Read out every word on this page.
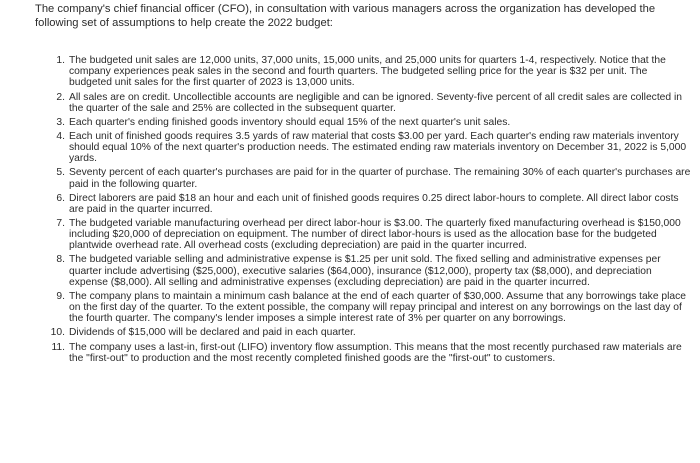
The company's chief financial officer (CFO), in consultation with various managers across the organization has developed the following set of assumptions to help create the 2022 budget:

1. The budgeted unit sales are 12,000 units, 37,000 units, 15,000 units, and 25,000 units for quarters 1-4, respectively. Notice that the company experiences peak sales in the second and fourth quarters. The budgeted selling price for the year is $32 per unit. The budgeted unit sales for the first quarter of 2023 is 13,000 units.
2. All sales are on credit. Uncollectible accounts are negligible and can be ignored. Seventy-five percent of all credit sales are collected in the quarter of the sale and 25% are collected in the subsequent quarter.
3. Each quarter's ending finished goods inventory should equal 15% of the next quarter's unit sales.
4. Each unit of finished goods requires 3.5 yards of raw material that costs $3.00 per yard. Each quarter's ending raw materials inventory should equal 10% of the next quarter's production needs. The estimated ending raw materials inventory on December 31, 2022 is 5,000 yards.
5. Seventy percent of each quarter's purchases are paid for in the quarter of purchase. The remaining 30% of each quarter's purchases are paid in the following quarter.
6. Direct laborers are paid $18 an hour and each unit of finished goods requires 0.25 direct labor-hours to complete. All direct labor costs are paid in the quarter incurred.
7. The budgeted variable manufacturing overhead per direct labor-hour is $3.00. The quarterly fixed manufacturing overhead is $150,000 including $20,000 of depreciation on equipment. The number of direct labor-hours is used as the allocation base for the budgeted plantwide overhead rate. All overhead costs (excluding depreciation) are paid in the quarter incurred.
8. The budgeted variable selling and administrative expense is $1.25 per unit sold. The fixed selling and administrative expenses per quarter include advertising ($25,000), executive salaries ($64,000), insurance ($12,000), property tax ($8,000), and depreciation expense ($8,000). All selling and administrative expenses (excluding depreciation) are paid in the quarter incurred.
9. The company plans to maintain a minimum cash balance at the end of each quarter of $30,000. Assume that any borrowings take place on the first day of the quarter. To the extent possible, the company will repay principal and interest on any borrowings on the last day of the fourth quarter. The company's lender imposes a simple interest rate of 3% per quarter on any borrowings.
10. Dividends of $15,000 will be declared and paid in each quarter.
11. The company uses a last-in, first-out (LIFO) inventory flow assumption. This means that the most recently purchased raw materials are the "first-out" to production and the most recently completed finished goods are the "first-out" to customers.
